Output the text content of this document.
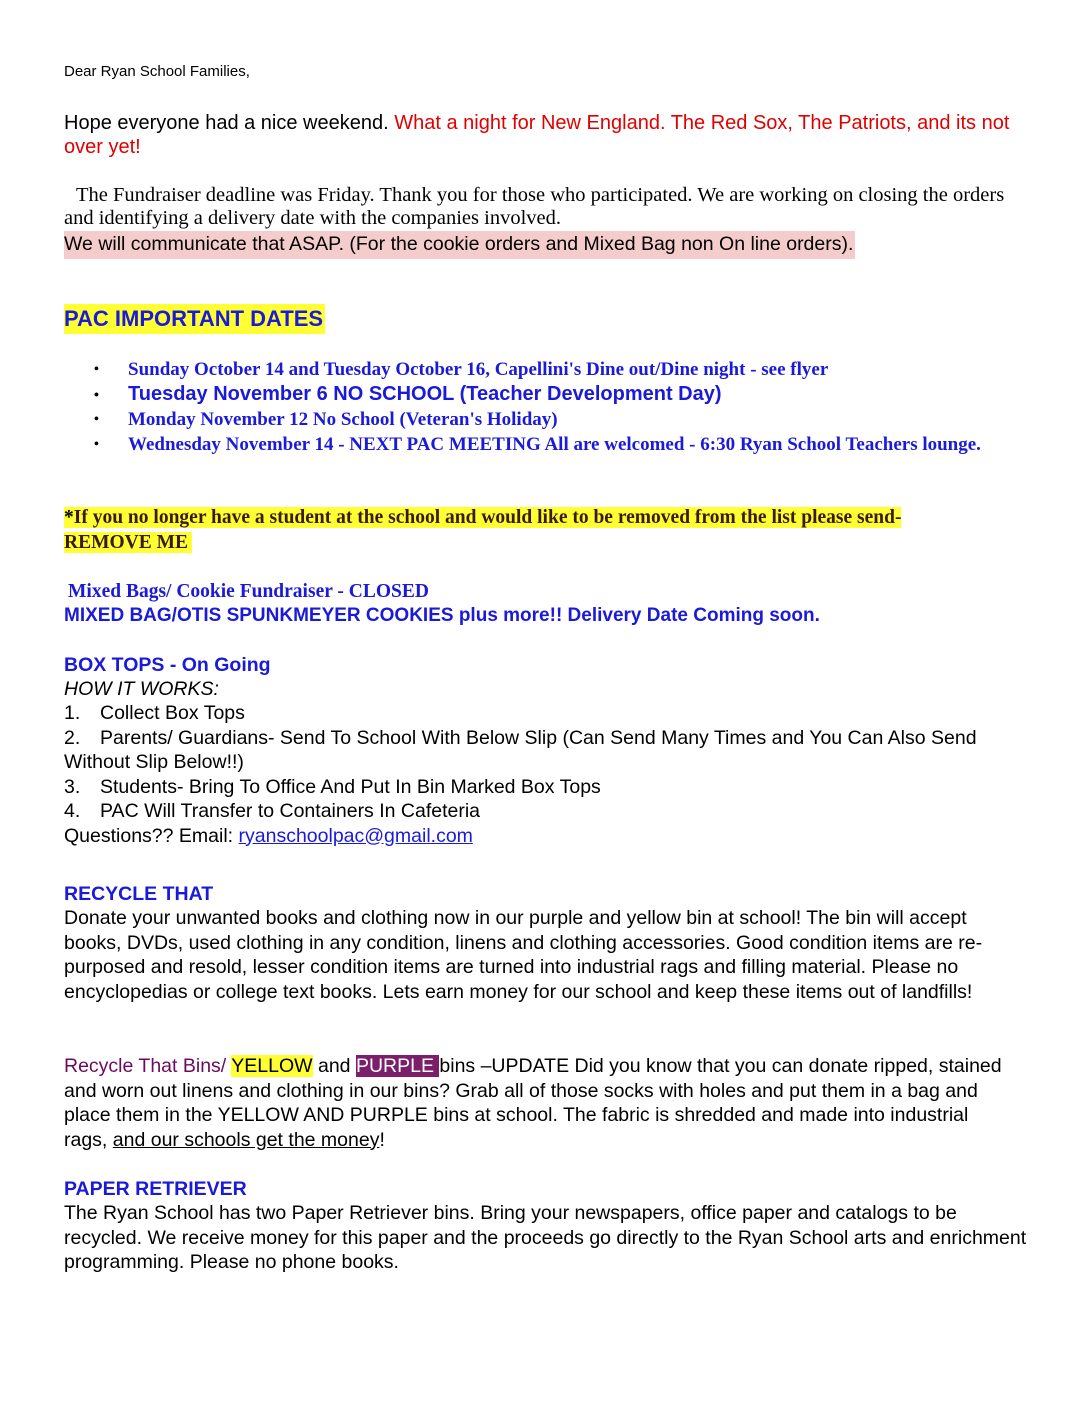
Dear Ryan School Families,

Hope everyone had a nice weekend. What a night for New England. The Red Sox, The Patriots, and its not over yet!

The Fundraiser deadline was Friday. Thank you for those who participated. We are working on closing the orders and identifying a delivery date with the companies involved.

We will communicate that ASAP. (For the cookie orders and Mixed Bag non On line orders).

PAC IMPORTANT DATES

• Sunday October 14 and Tuesday October 16, Capellini's Dine out/Dine night - see flyer
• Tuesday November 6 NO SCHOOL (Teacher Development Day)
• Monday November 12 No School (Veteran's Holiday)
• Wednesday November 14 - NEXT PAC MEETING All are welcomed - 6:30 Ryan School Teachers lounge.

*If you no longer have a student at the school and would like to be removed from the list please send-
REMOVE ME

Mixed Bags/ Cookie Fundraiser - CLOSED

MIXED BAG/OTIS SPUNKMEYER COOKIES plus more!! Delivery Date Coming soon.

BOX TOPS - On Going

HOW IT WORKS:

1. Collect Box Tops

2. Parents/ Guardians- Send To School With Below Slip (Can Send Many Times and You Can Also Send Without Slip Below!!)

3. Students- Bring To Office And Put In Bin Marked Box Tops

4. PAC Will Transfer to Containers In Cafeteria

Questions?? Email: ryanschoolpac@gmail.com

RECYCLE THAT

Donate your unwanted books and clothing now in our purple and yellow bin at school! The bin will accept books, DVDs, used clothing in any condition, linens and clothing accessories. Good condition items are re-purposed and resold, lesser condition items are turned into industrial rags and filling material. Please no encyclopedias or college text books. Lets earn money for our school and keep these items out of landfills!

Recycle That Bins/ YELLOW and PURPLE bins –UPDATE Did you know that you can donate ripped, stained and worn out linens and clothing in our bins? Grab all of those socks with holes and put them in a bag and place them in the YELLOW AND PURPLE bins at school. The fabric is shredded and made into industrial rags, and our schools get the money!

PAPER RETRIEVER

The Ryan School has two Paper Retriever bins. Bring your newspapers, office paper and catalogs to be recycled. We receive money for this paper and the proceeds go directly to the Ryan School arts and enrichment programming. Please no phone books.
